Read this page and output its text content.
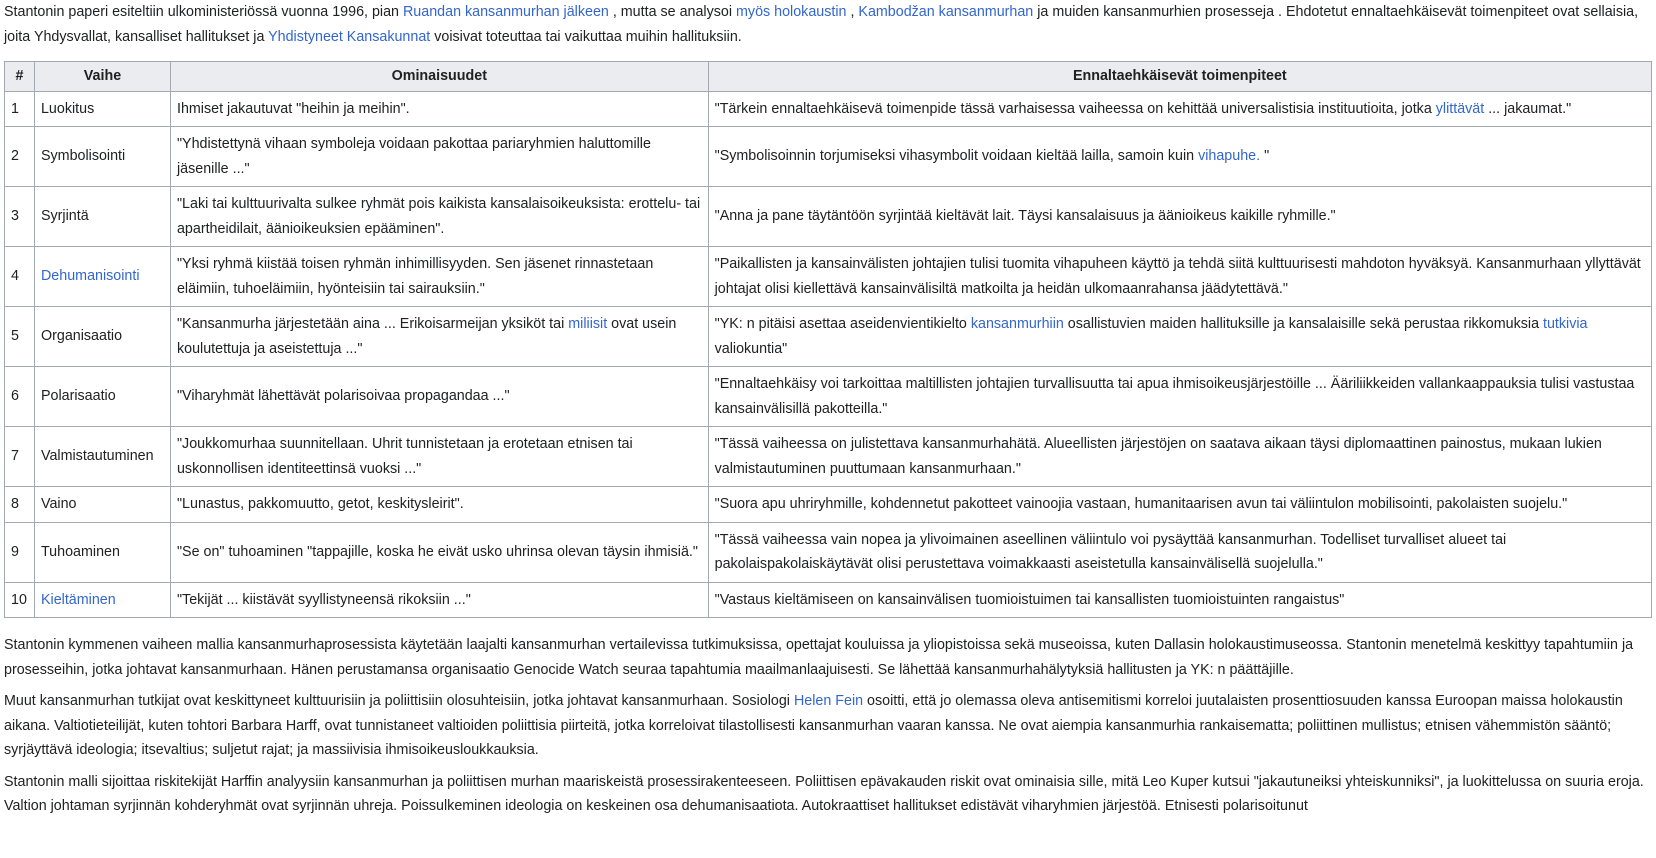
Stantonin paperi esiteltiin ulkoministeriössä vuonna 1996, pian Ruandan kansanmurhan jälkeen , mutta se analysoi myös holokaustin , Kambodžan kansanmurhan ja muiden kansanmurhien prosesseja . Ehdotetut ennaltaehkäisevät toimenpiteet ovat sellaisia, joita Yhdysvallat, kansalliset hallitukset ja Yhdistyneet Kansakunnat voisivat toteuttaa tai vaikuttaa muihin hallituksiin.

#	Vaihe	Ominaisuudet	Ennaltaehkäisevät toimenpiteet
1	Luokitus	Ihmiset jakautuvat "heihin ja meihin".	"Tärkein ennaltaehkäisevä toimenpide tässä varhaisessa vaiheessa on kehittää universalistisia instituutioita, jotka ylittävät ... jakaumat."
2	Symbolisointi	"Yhdistettynä vihaan symboleja voidaan pakottaa pariaryhmien haluttomille jäsenille ..."	"Symbolisoinnin torjumiseksi vihasymbolit voidaan kieltää lailla, samoin kuin vihapuhe. "
3	Syrjintä	"Laki tai kulttuurivalta sulkee ryhmät pois kaikista kansalaisoikeuksista: erottelu- tai apartheidilait, äänioikeuksien epääminen".	"Anna ja pane täytäntöön syrjintää kieltävät lait. Täysi kansalaisuus ja äänioikeus kaikille ryhmille."
4	Dehumanisointi	"Yksi ryhmä kiistää toisen ryhmän inhimillisyyden. Sen jäsenet rinnastetaan eläimiin, tuhoeläimiin, hyönteisiin tai sairauksiin."	"Paikallisten ja kansainvälisten johtajien tulisi tuomita vihapuheen käyttö ja tehdä siitä kulttuurisesti mahdoton hyväksyä. Kansanmurhaan yllyttävät johtajat olisi kiellettävä kansainvälisiltä matkoilta ja heidän ulkomaanrahansa jäädytettävä."
5	Organisaatio	"Kansanmurha järjestetään aina ... Erikoisarmeijan yksiköt tai miliisit ovat usein koulutettuja ja aseistettuja ..."	"YK: n pitäisi asettaa aseidenvientikielto kansanmurhiin osallistuvien maiden hallituksille ja kansalaisille sekä perustaa rikkomuksia tutkivia valiokuntia"
6	Polarisaatio	"Viharyhmät lähettävät polarisoivaa propagandaa ..."	"Ennaltaehkäisy voi tarkoittaa maltillisten johtajien turvallisuutta tai apua ihmisoikeusjärjestöille ... Ääriliikkeiden vallankaappauksia tulisi vastustaa kansainvälisillä pakotteilla."
7	Valmistautuminen	"Joukkomurhaa suunnitellaan. Uhrit tunnistetaan ja erotetaan etnisen tai uskonnollisen identiteettinsä vuoksi ..."	"Tässä vaiheessa on julistettava kansanmurhahätä. Alueellisten järjestöjen on saatava aikaan täysi diplomaattinen painostus, mukaan lukien valmistautuminen puuttumaan kansanmurhaan."
8	Vaino	"Lunastus, pakkomuutto, getot, keskitysleirit".	"Suora apu uhriryhmille, kohdennetut pakotteet vainoojia vastaan, humanitaarisen avun tai väliintulon mobilisointi, pakolaisten suojelu."
9	Tuhoaminen	"Se on" tuhoaminen "tappajille, koska he eivät usko uhrinsa olevan täysin ihmisiä."	"Tässä vaiheessa vain nopea ja ylivoimainen aseellinen väliintulo voi pysäyttää kansanmurhan. Todelliset turvalliset alueet tai pakolaispakolaiskäytävät olisi perustettava voimakkaasti aseistetulla kansainvälisellä suojelulla."
10	Kieltäminen	"Tekijät ... kiistävät syyllistyneensä rikoksiin ..."	"Vastaus kieltämiseen on kansainvälisen tuomioistuimen tai kansallisten tuomioistuinten rangaistus"

Stantonin kymmenen vaiheen mallia kansanmurhaprosessista käytetään laajalti kansanmurhan vertailevissa tutkimuksissa, opettajat kouluissa ja yliopistoissa sekä museoissa, kuten Dallasin holokaustimuseossa. Stantonin menetelmä keskittyy tapahtumiin ja prosesseihin, jotka johtavat kansanmurhaan. Hänen perustamansa organisaatio Genocide Watch seuraa tapahtumia maailmanlaajuisesti. Se lähettää kansanmurhahälytyksiä hallitusten ja YK: n päättäjille.

Muut kansanmurhan tutkijat ovat keskittyneet kulttuurisiin ja poliittisiin olosuhteisiin, jotka johtavat kansanmurhaan. Sosiologi Helen Fein osoitti, että jo olemassa oleva antisemitismi korreloi juutalaisten prosenttiosuuden kanssa Euroopan maissa holokaustin aikana. Valtiotieteilijät, kuten tohtori Barbara Harff, ovat tunnistaneet valtioiden poliittisia piirteitä, jotka korreloivat tilastollisesti kansanmurhan vaaran kanssa. Ne ovat aiempia kansanmurhia rankaisematta; poliittinen mullistus; etnisen vähemmistön sääntö; syrjäyttävä ideologia; itsevaltius; suljetut rajat; ja massiivisia ihmisoikeusloukkauksia.

Stantonin malli sijoittaa riskitekijät Harffin analyysiin kansanmurhan ja poliittisen murhan maariskeistä prosessirakenteeseen. Poliittisen epävakauden riskit ovat ominaisia sille, mitä Leo Kuper kutsui "jakautuneiksi yhteiskunniksi", ja luokittelussa on suuria eroja. Valtion johtaman syrjinnän kohderyhmät ovat syrjinnän uhreja. Poissulkeminen ideologia on keskeinen osa dehumanisaatiota. Autokraattiset hallitukset edistävät viharyhmien järjestöä. Etnisesti polarisoitunut
